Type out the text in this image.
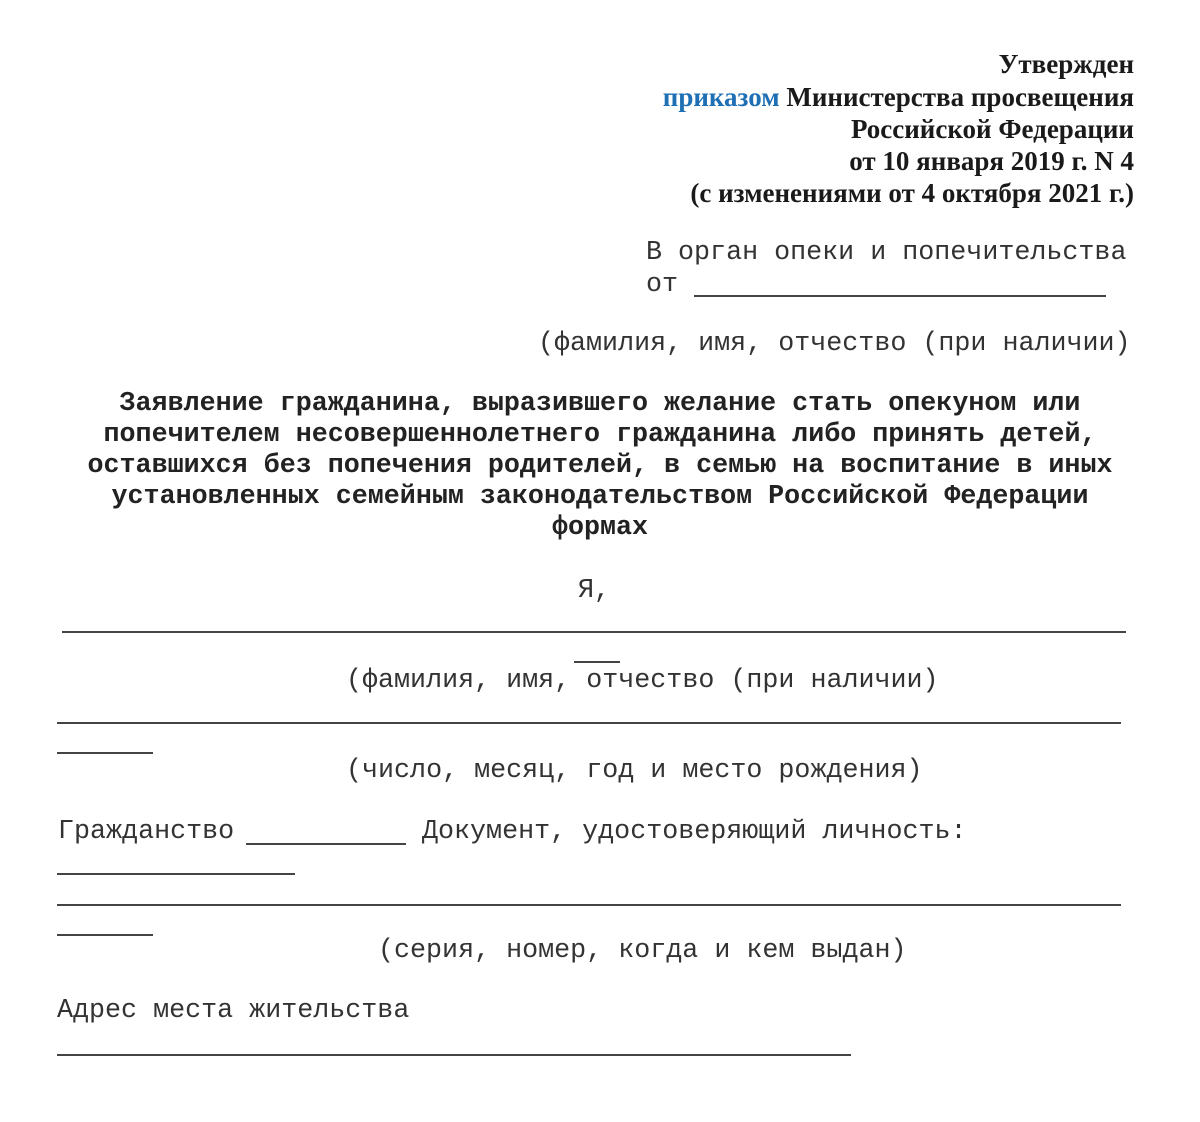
Утвержден
приказом Министерства просвещения
Российской Федерации
от 10 января 2019 г. N 4
(с изменениями от 4 октября 2021 г.)
В орган опеки и попечительства
от
(фамилия, имя, отчество (при наличии)
Заявление гражданина, выразившего желание стать опекуном или
попечителем несовершеннолетнего гражданина либо принять детей,
оставшихся без попечения родителей, в семью на воспитание в иных
установленных семейным законодательством Российской Федерации
формах
Я,
(фамилия, имя, отчество (при наличии)
(число, месяц, год и место рождения)
Гражданство	Документ, удостоверяющий личность:
(серия, номер, когда и кем выдан)
Адрес места жительства
